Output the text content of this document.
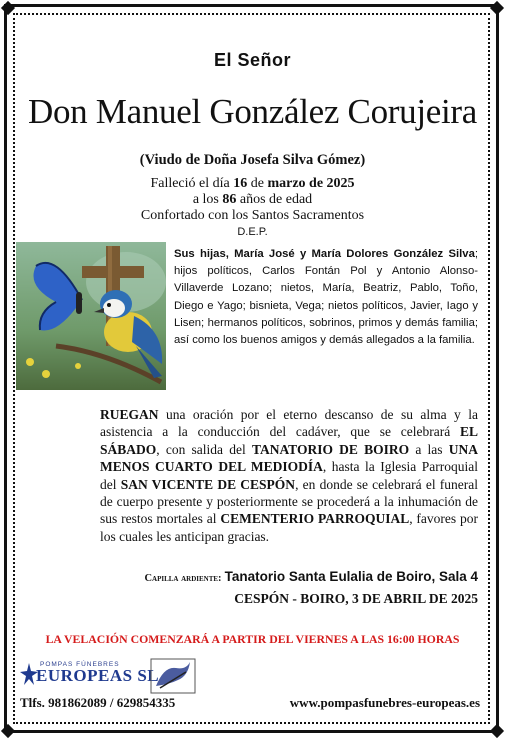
El Señor
Don Manuel González Corujeira
(Viudo de Doña Josefa Silva Gómez)
Falleció el día 16 de marzo de 2025
a los 86 años de edad
Confortado con los Santos Sacramentos
D.E.P.
Sus hijas, María José y María Dolores González Silva; hijos políticos, Carlos Fontán Pol y Antonio Alonso-Villaverde Lozano; nietos, María, Beatriz, Pablo, Toño, Diego e Yago; bisnieta, Vega; nietos políticos, Javier, Iago y Lisen; hermanos políticos, sobrinos, primos y demás familia; así como los buenos amigos y demás allegados a la familia.
RUEGAN una oración por el eterno descanso de su alma y la asistencia a la conducción del cadáver, que se celebrará EL SÁBADO, con salida del TANATORIO DE BOIRO a las UNA MENOS CUARTO DEL MEDIODÍA, hasta la Iglesia Parroquial del SAN VICENTE DE CESPÓN, en donde se celebrará el funeral de cuerpo presente y posteriormente se procederá a la inhumación de sus restos mortales al CEMENTERIO PARROQUIAL, favores por los cuales les anticipan gracias.
Capilla ardiente: Tanatorio Santa Eulalia de Boiro, Sala 4
CESPÓN - BOIRO, 3 DE ABRIL DE 2025
LA VELACIÓN COMENZARÁ A PARTIR DEL VIERNES A LAS 16:00 HORAS
POMPAS FÚNEBRES
EUROPEAS SL
Tlfs. 981862089 / 629854335	www.pompasfunebres-europeas.es
